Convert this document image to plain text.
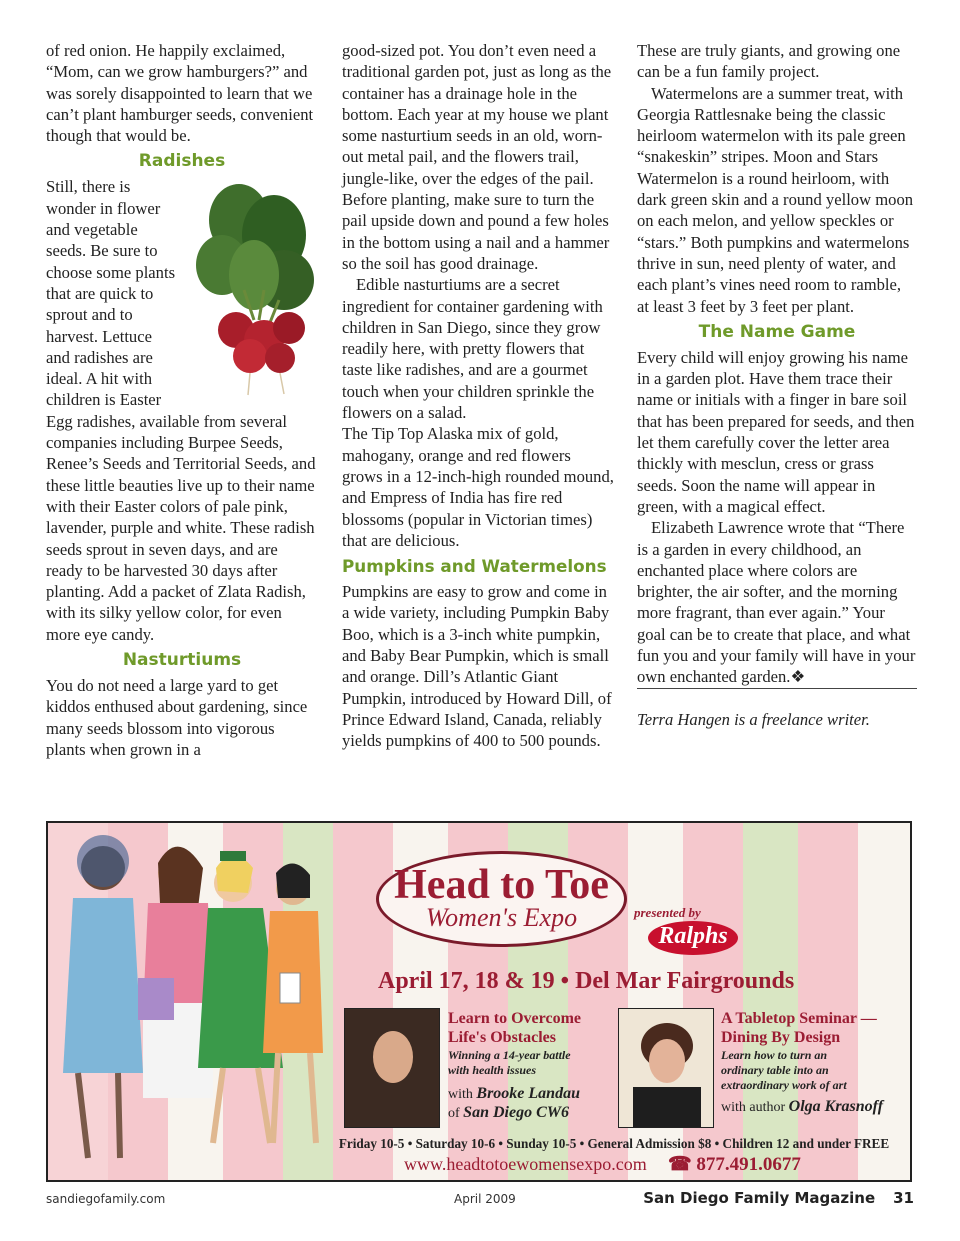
of red onion. He happily exclaimed, “Mom, can we grow hamburgers?” and was sorely disappointed to learn that we can’t plant hamburger seeds, convenient though that would be.

Radishes

Still, there is wonder in flower and vegetable seeds. Be sure to choose some plants that are quick to sprout and to harvest. Lettuce and radishes are ideal. A hit with children is Easter Egg radishes, available from several companies including Burpee Seeds, Renee’s Seeds and Territorial Seeds, and these little beauties live up to their name with their Easter colors of pale pink, lavender, purple and white. These radish seeds sprout in seven days, and are ready to be harvested 30 days after planting. Add a packet of Zlata Radish, with its silky yellow color, for even more eye candy.

Nasturtiums

You do not need a large yard to get kiddos enthused about gardening, since many seeds blossom into vigorous plants when grown in a

good-sized pot. You don’t even need a traditional garden pot, just as long as the container has a drainage hole in the bottom. Each year at my house we plant some nasturtium seeds in an old, worn-out metal pail, and the flowers trail, jungle-like, over the edges of the pail. Before planting, make sure to turn the pail upside down and pound a few holes in the bottom using a nail and a hammer so the soil has good drainage.

Edible nasturtiums are a secret ingredient for container gardening with children in San Diego, since they grow readily here, with pretty flowers that taste like radishes, and are a gourmet touch when your children sprinkle the flowers on a salad.

The Tip Top Alaska mix of gold, mahogany, orange and red flowers grows in a 12-inch-high rounded mound, and Empress of India has fire red blossoms (popular in Victorian times) that are delicious.

Pumpkins and Watermelons

Pumpkins are easy to grow and come in a wide variety, including Pumpkin Baby Boo, which is a 3-inch white pumpkin, and Baby Bear Pumpkin, which is small and orange. Dill’s Atlantic Giant Pumpkin, introduced by Howard Dill, of Prince Edward Island, Canada, reliably yields pumpkins of 400 to 500 pounds.

These are truly giants, and growing one can be a fun family project.

Watermelons are a summer treat, with Georgia Rattlesnake being the classic heirloom watermelon with its pale green “snakeskin” stripes. Moon and Stars Watermelon is a round heirloom, with dark green skin and a round yellow moon on each melon, and yellow speckles or “stars.” Both pumpkins and watermelons thrive in sun, need plenty of water, and each plant’s vines need room to ramble, at least 3 feet by 3 feet per plant.

The Name Game

Every child will enjoy growing his name in a garden plot. Have them trace their name or initials with a finger in bare soil that has been prepared for seeds, and then let them carefully cover the letter area thickly with mesclun, cress or grass seeds. Soon the name will appear in green, with a magical effect.

Elizabeth Lawrence wrote that “There is a garden in every childhood, an enchanted place where colors are brighter, the air softer, and the morning more fragrant, than ever again.” Your goal can be to create that place, and what fun you and your family will have in your own enchanted garden.❖

Terra Hangen is a freelance writer.

Head to Toe
Women's Expo	presented by
Ralphs
April 17, 18 & 19 • Del Mar Fairgrounds
Learn to Overcome
Life's Obstacles
Winning a 14-year battle
with health issues
with Brooke Landau
of San Diego CW6
A Tabletop Seminar —
Dining By Design
Learn how to turn an
ordinary table into an
extraordinary work of art
with author Olga Krasnoff
Friday 10-5 • Saturday 10-6 • Sunday 10-5 • General Admission $8 • Children 12 and under FREE
www.headtotoewomensexpo.com ☎ 877.491.0677
sandiegofamily.com	April 2009	San Diego Family Magazine 31
